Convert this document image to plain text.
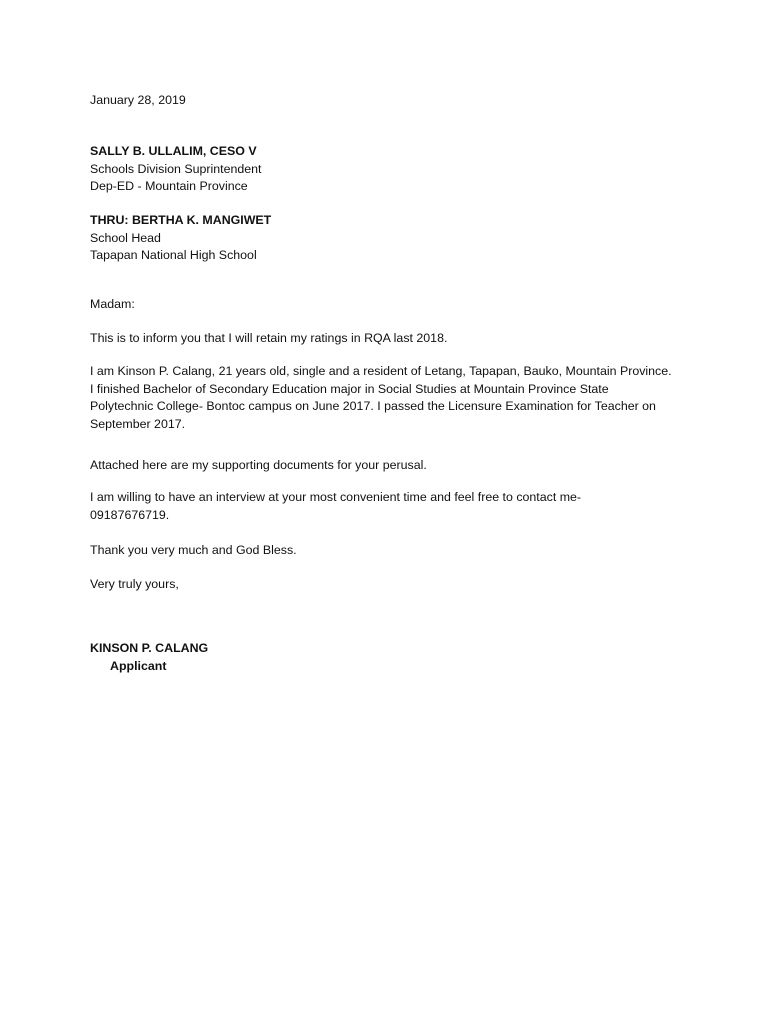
January 28, 2019
SALLY B. ULLALIM, CESO V
Schools Division Suprintendent
Dep-ED - Mountain Province
THRU: BERTHA K. MANGIWET
School Head
Tapapan National High School
Madam:
This is to inform you that I will retain my ratings in RQA last 2018.
I am Kinson P. Calang, 21 years old, single and a resident of Letang, Tapapan, Bauko, Mountain Province.
I finished Bachelor of Secondary Education major in Social Studies at Mountain Province State
Polytechnic College- Bontoc campus on June 2017. I passed the Licensure Examination for Teacher on
September 2017.
Attached here are my supporting documents for your perusal.
I am willing to have an interview at your most convenient time and feel free to contact me-
09187676719.
Thank you very much and God Bless.
Very truly yours,
KINSON P. CALANG
Applicant
